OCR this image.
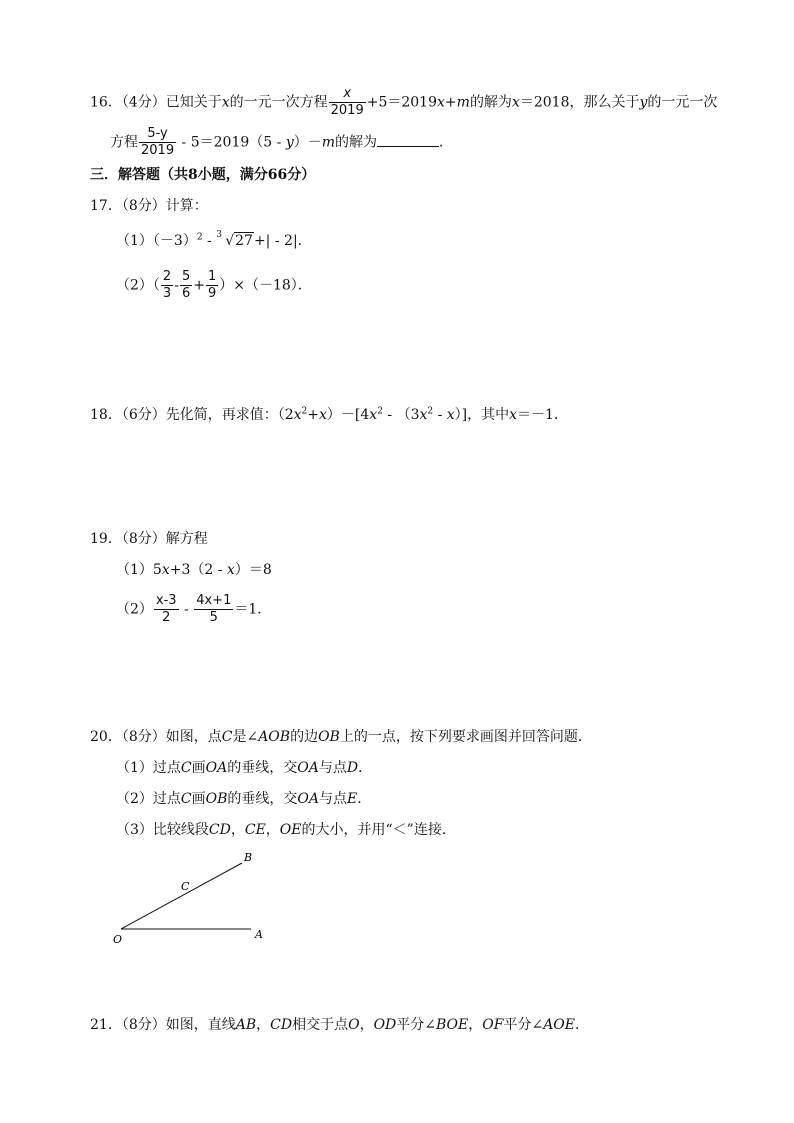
16．（4分）已知关于x的一元一次方程 $\frac{x}{2019} +5=2019x+m$的解为x＝2018，那么关于y的一元一次
方程 $\frac{5-y}{2019} - 5=2019(5 - y)-m$的解为	．
三．解答题（共8小题，满分66分）
17．（8分）计算：
$(1)(-3)^2 - 3$ √27+| - 2|．
$(2)( \frac{2}{3} - \frac{5}{6} + \frac{1}{9} )\times(-18)$．
18．（6分）先化简，再求值：$(2x^2+x)-[4x^2 - (3x^2 - x)]$，其中x＝－1．
19．（8分）解方程
（1）5x+3（2 - x）＝8
$(2) \frac{x-3}{2} - \frac{4x+1}{5} =1$．
20．（8分）如图，点C是∠AOB的边OB上的一点，按下列要求画图并回答问题．
（1）过点C画OA的垂线，交OA与点D．
（2）过点C画OB的垂线，交OA与点E．
（3）比较线段CD，CE，OE的大小，并用“＜”连接．
B
C
O	A
21．（8分）如图，直线AB，CD相交于点O，OD平分∠BOE，OF平分∠AOE．
